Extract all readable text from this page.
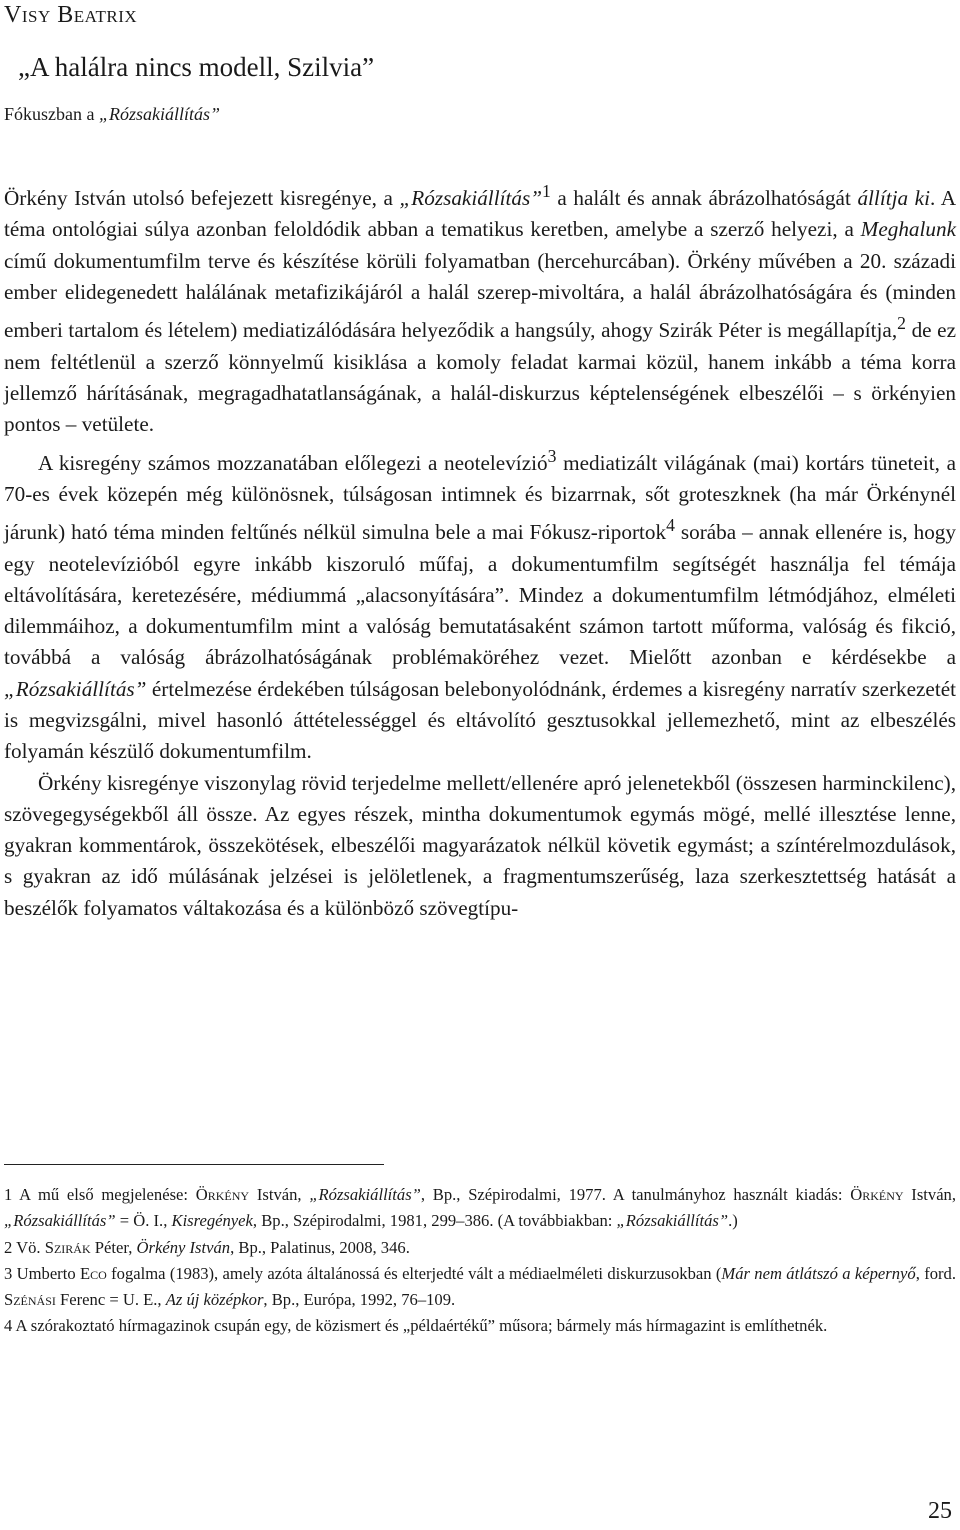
Visy Beatrix
„A halálra nincs modell, Szilvia”
Fókuszban a „Rózsakiállítás”

Örkény István utolsó befejezett kisregénye, a „Rózsakiállítás”$^1$ a halált és annak ábrázolhatóságát állítja ki. A téma ontológiai súlya azonban feloldódik abban a tematikus keretben, amelybe a szerző helyezi, a Meghalunk című dokumentumfilm terve és készítése körüli folyamatban (hercehurcában). Örkény művében a 20. századi ember elidegenedett halálának metafizikájáról a halál szerep-mivoltára, a halál ábrázolhatóságára és (minden emberi tartalom és lételem) mediatizálódására helyeződik a hangsúly, ahogy Szirák Péter is megállapítja,$^2$ de ez nem feltétlenül a szerző könnyelmű kisiklása a komoly feladat karmai közül, hanem inkább a téma korra jellemző hárításának, megragadhatatlanságának, a halál-diskurzus képtelenségének elbeszélői – s örkényien pontos – vetülete.

A kisregény számos mozzanatában előlegezi a neotelevízió$^3$ mediatizált világának (mai) kortárs tüneteit, a 70-es évek közepén még különösnek, túlságosan intimnek és bizarrnak, sőt groteszknek (ha már Örkénynél járunk) ható téma minden feltűnés nélkül simulna bele a mai Fókusz-riportok$^4$ sorába – annak ellenére is, hogy egy neotelevízióból egyre inkább kiszoruló műfaj, a dokumentumfilm segítségét használja fel témája eltávolítására, keretezésére, médiummá „alacsonyítására”. Mindez a dokumentumfilm létmódjához, elméleti dilemmáihoz, a dokumentumfilm mint a valóság bemutatásaként számon tartott műforma, valóság és fikció, továbbá a valóság ábrázolhatóságának problémaköréhez vezet. Mielőtt azonban e kérdésekbe a „Rózsakiállítás” értelmezése érdekében túlságosan belebonyolódnánk, érdemes a kisregény narratív szerkezetét is megvizsgálni, mivel hasonló áttételességgel és eltávolító gesztusokkal jellemezhető, mint az elbeszélés folyamán készülő dokumentumfilm.

Örkény kisregénye viszonylag rövid terjedelme mellett/ellenére apró jelenetekből (összesen harminckilenc), szövegegységekből áll össze. Az egyes részek, mintha dokumentumok egymás mögé, mellé illesztése lenne, gyakran kommentárok, összekötések, elbeszélői magyarázatok nélkül követik egymást; a színtérelmozdulások, s gyakran az idő múlásának jelzései is jelöletlenek, a fragmentumszerűség, laza szerkesztettség hatását a beszélők folyamatos váltakozása és a különböző szövegtípu-

1 A mű első megjelenése: Örkény István, „Rózsakiállítás”, Bp., Szépirodalmi, 1977. A tanulmányhoz használt kiadás: Örkény István, „Rózsakiállítás” = Ö. I., Kisregények, Bp., Szépirodalmi, 1981, 299–386. (A továbbiakban: „Rózsakiállítás”.)

2 Vö. Szirák Péter, Örkény István, Bp., Palatinus, 2008, 346.

3 Umberto Eco fogalma (1983), amely azóta általánossá és elterjedté vált a médiaelméleti diskurzusokban (Már nem átlátszó a képernyő, ford. Szénási Ferenc = U. E., Az új középkor, Bp., Európa, 1992, 76–109.

4 A szórakoztató hírmagazinok csupán egy, de közismert és „példaértékű” műsora; bármely más hírmagazint is említhetnék.

25
